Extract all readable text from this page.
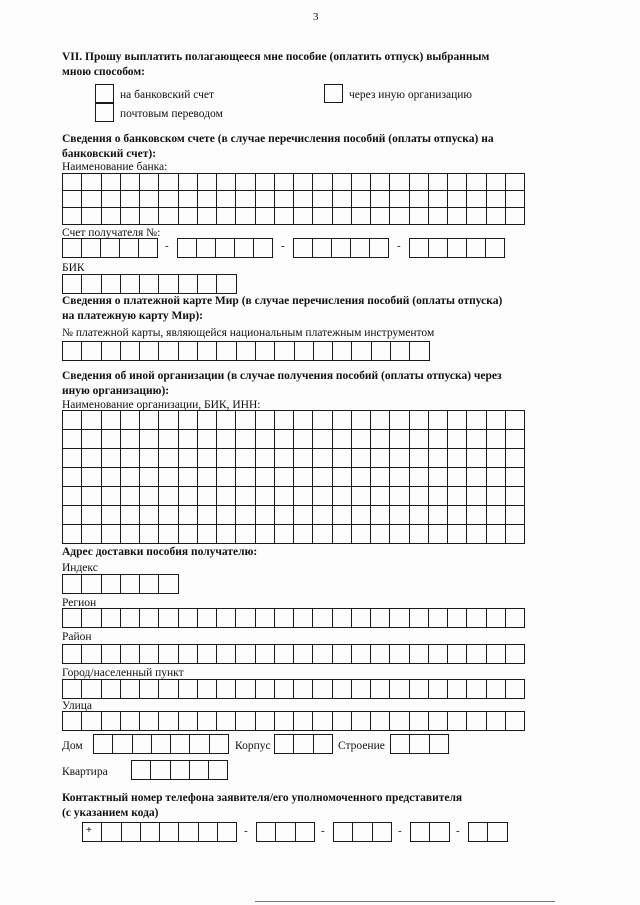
3
VII. Прошу выплатить полагающееся мне пособие (оплатить отпуск) выбранным
мною способом:
на банковский счет	через иную организацию
почтовым переводом
Сведения о банковском счете (в случае перечисления пособий (оплаты отпуска) на
банковский счет):
Наименование банка:
Счет получателя №:
-	-	-
БИК
Сведения о платежной карте Мир (в случае перечисления пособий (оплаты отпуска)
на платежную карту Мир):
№ платежной карты, являющейся национальным платежным инструментом
Сведения об иной организации (в случае получения пособий (оплаты отпуска) через
иную организацию):
Наименование организации, БИК, ИНН:
Адрес доставки пособия получателю:
Индекс
Регион
Район
Город/населенный пункт
Улица
Дом	Корпус	Строение
Квартира
Контактный номер телефона заявителя/его уполномоченного представителя
(с указанием кода)
+	-	-	-	-
